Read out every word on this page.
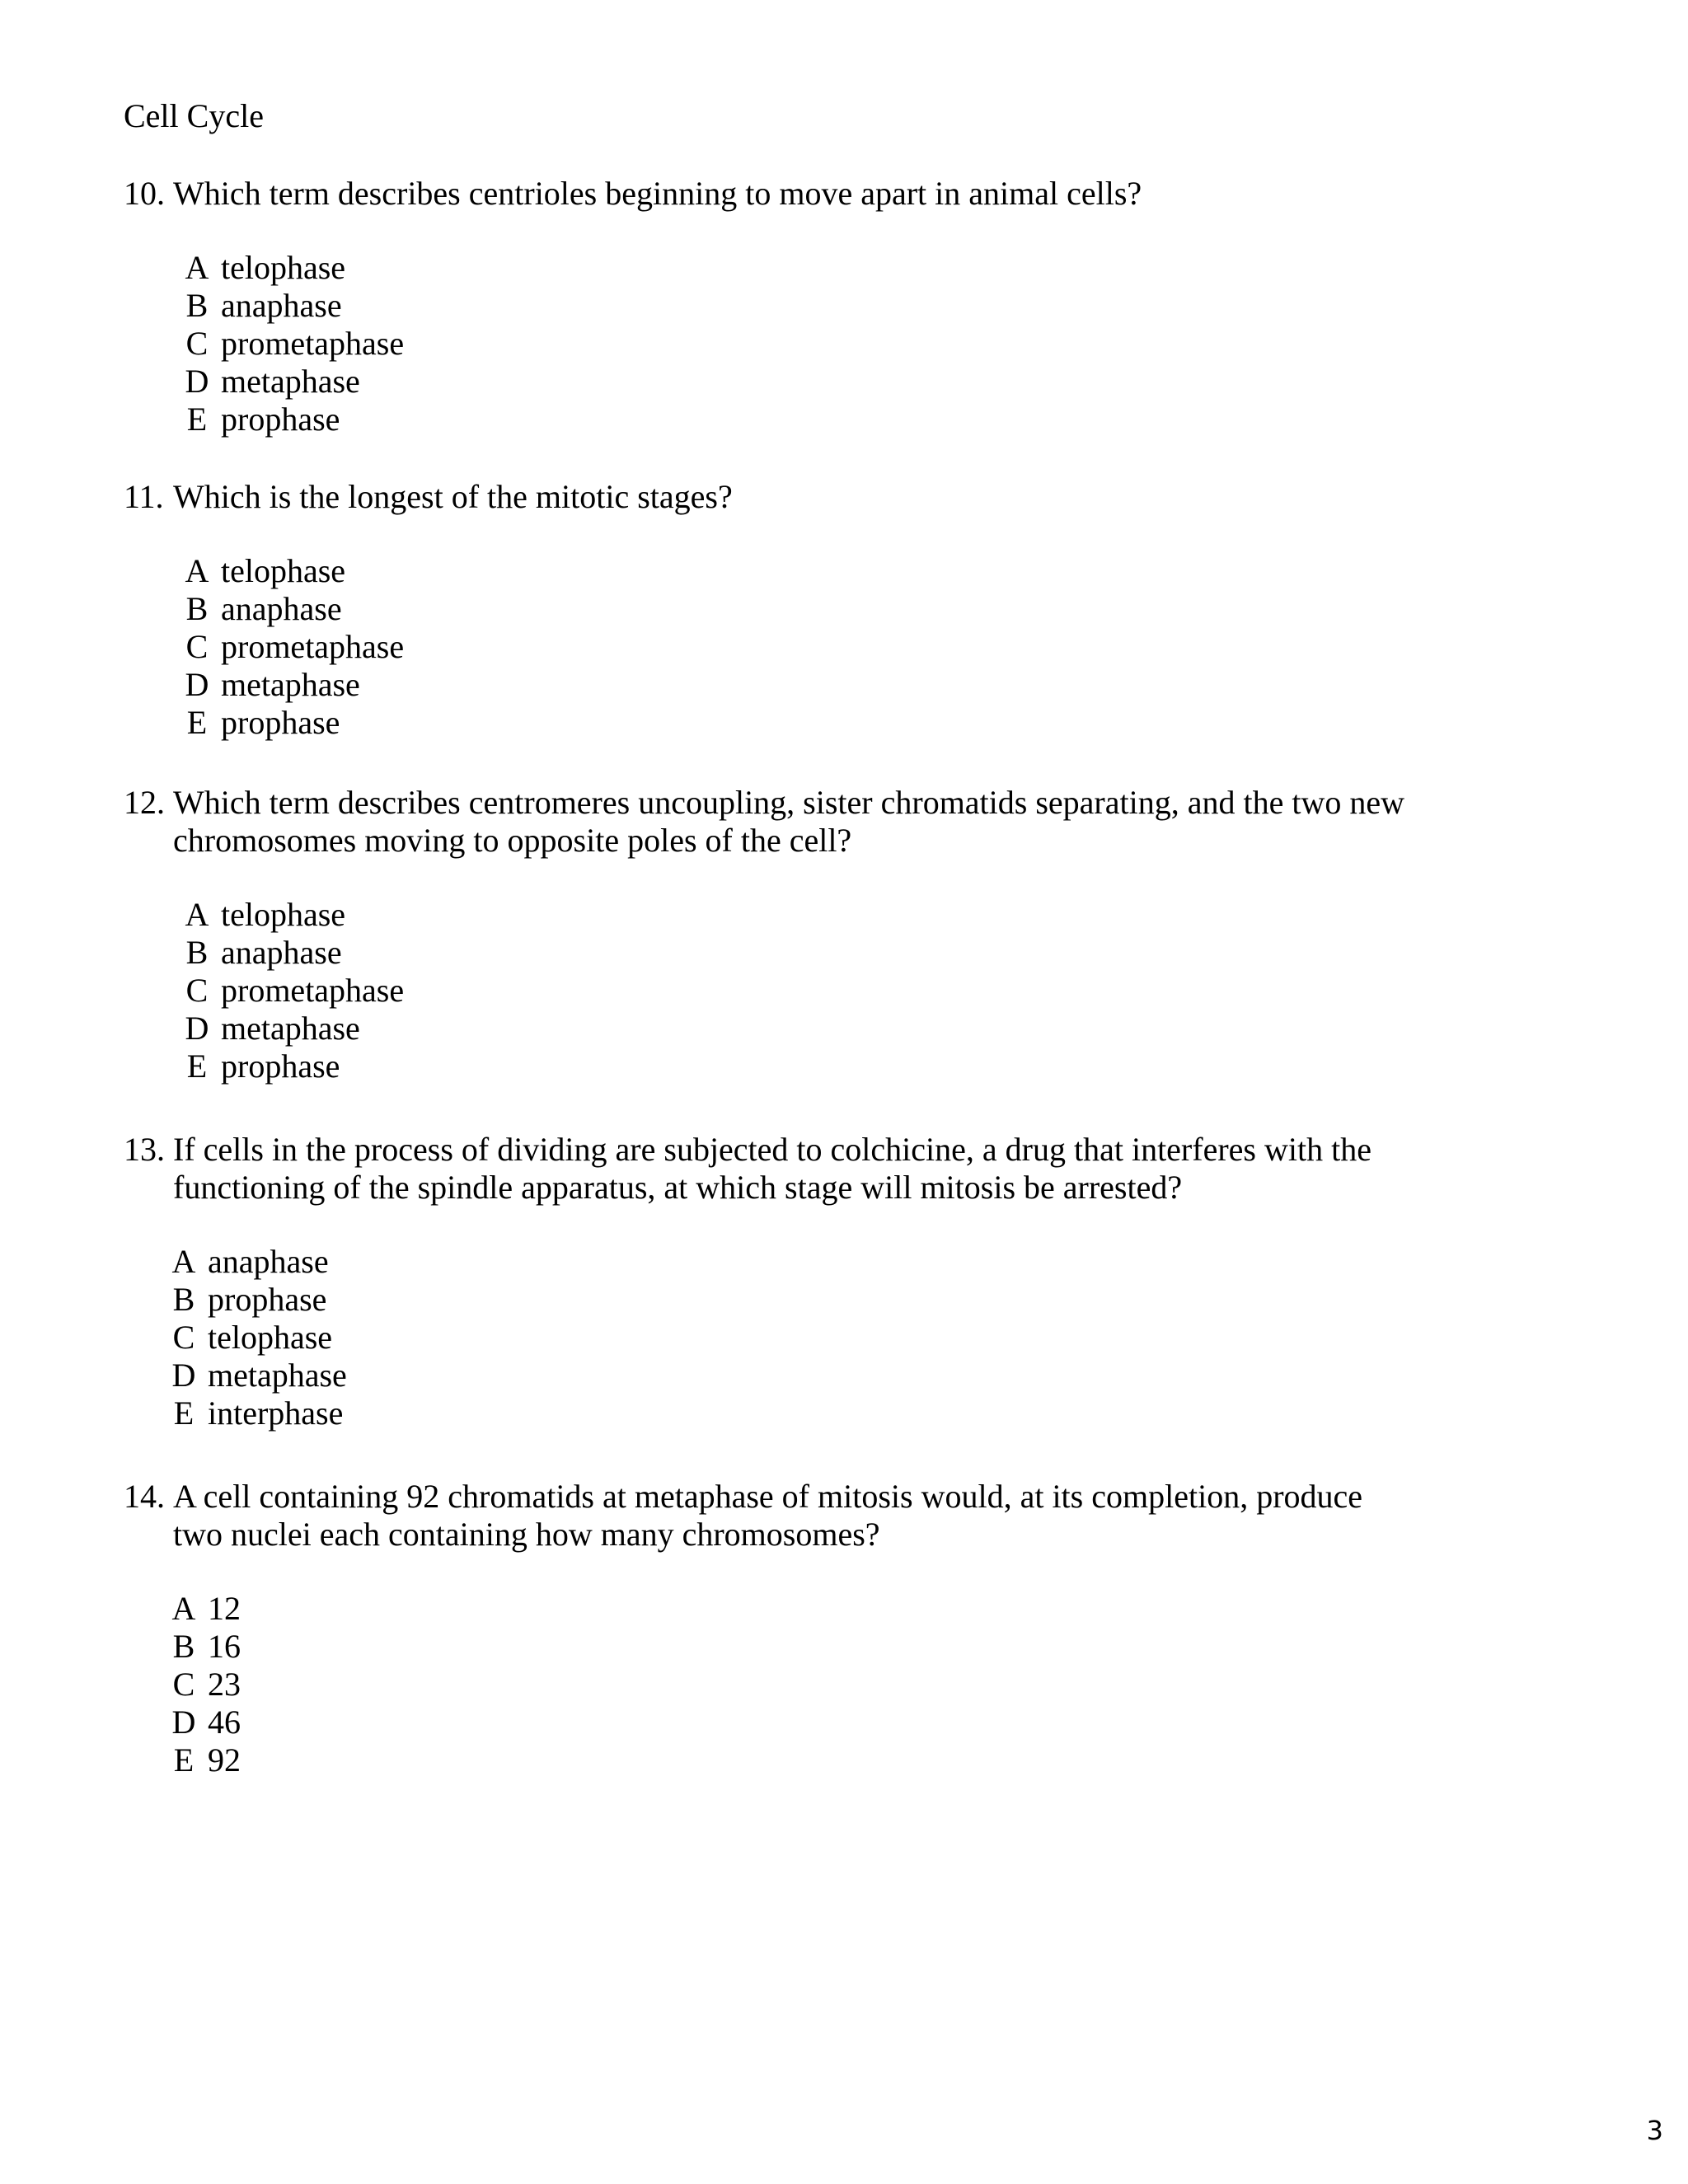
Cell Cycle
10. Which term describes centrioles beginning to move apart in animal cells?
A telophase
B anaphase
C prometaphase
D metaphase
E prophase
11. Which is the longest of the mitotic stages?
A telophase
B anaphase
C prometaphase
D metaphase
E prophase
12. Which term describes centromeres uncoupling, sister chromatids separating, and the two new chromosomes moving to opposite poles of the cell?
A telophase
B anaphase
C prometaphase
D metaphase
E prophase
13. If cells in the process of dividing are subjected to colchicine, a drug that interferes with the functioning of the spindle apparatus, at which stage will mitosis be arrested?
A anaphase
B prophase
C telophase
D metaphase
E interphase
14. A cell containing 92 chromatids at metaphase of mitosis would, at its completion, produce two nuclei each containing how many chromosomes?
A 12
B 16
C 23
D 46
E 92
3
